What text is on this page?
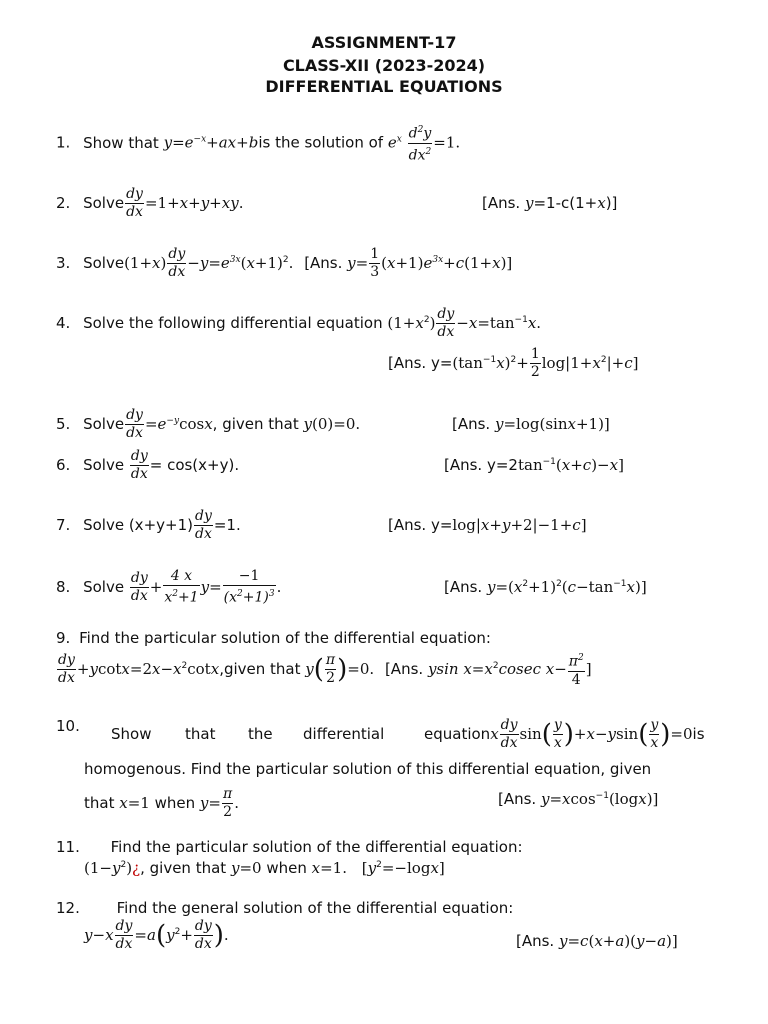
ASSIGNMENT-17
CLASS-XII (2023-2024)
DIFFERENTIAL EQUATIONS
1. Show that $y=e^{-x}+ax+bis$ the solution of $e^x \frac{d^2y}{dx^2} =1$.
2. Solve $\frac{dy}{dx} =1+x+y+xy$.	[Ans. y=1-c(1+x)]
3. Solve(1+x) $\frac{dy}{dx} -y=e^{3x}(x+1)^2$. [Ans. $y= \frac{1}{3} (x+1)e^{3x}+c(1+x)$]
4. Solve the following differential equation $(1+x^2) \frac{dy}{dx} -x=\tan^{-1}x$.
[Ans. $y=(\tan^{-1}x)^2+ \frac{1}{2} \log|1+x^2|+c$]
5. Solve $\frac{dy}{dx} =e^{-y}\cos x$, given that y(0)=0.	[Ans. y=log(sinx+1)]
6. Solve $\frac{dy}{dx} = \cos(x+y)$.	[Ans. $y=2\tan^{-1}(x+c)-x$]
7. Solve $(x+y+1) \frac{dy}{dx} =1$.	[Ans. y=log|x+y+2|−1+c]
8. Solve $\frac{dy}{dx} + \frac{4 x}{x^2+1} y= \frac{-1}{(x^2+1)^3}$ .	[Ans. $y=(x^2+1)^2(c-\tan^{-1}x)$]
9. Find the particular solution of the differential equation:
$\frac{dy}{dx}$ $+ycotx=2x-x^2\cot x,given$ that $y( \frac{\pi}{2} )=0$. [Ans. ysin $x=x^2cosec$ $x- \frac{\pi^2}{4}$ ]
10. Show that the differential	equationx $\frac{dy}{dx} \sin( \frac{y}{x} )+x-ysin( \frac{y}{x} )=0is$
homogenous. Find the particular solution of this differential equation, given
that x=1 when $y= \frac{\pi}{2}$ .	[Ans. y=xcos$^{-1}$(logx)]
11. Find the particular solution of the differential equation:
$(1-y^2)¿$, given that y=0 when x=1. $[y^2=-\log x]$
12. Find the general solution of the differential equation:
$y-x \frac{dy}{dx} =a(y^2+ \frac{dy}{dx}$ ).	[Ans. y=c(x+a)(y−a)]
